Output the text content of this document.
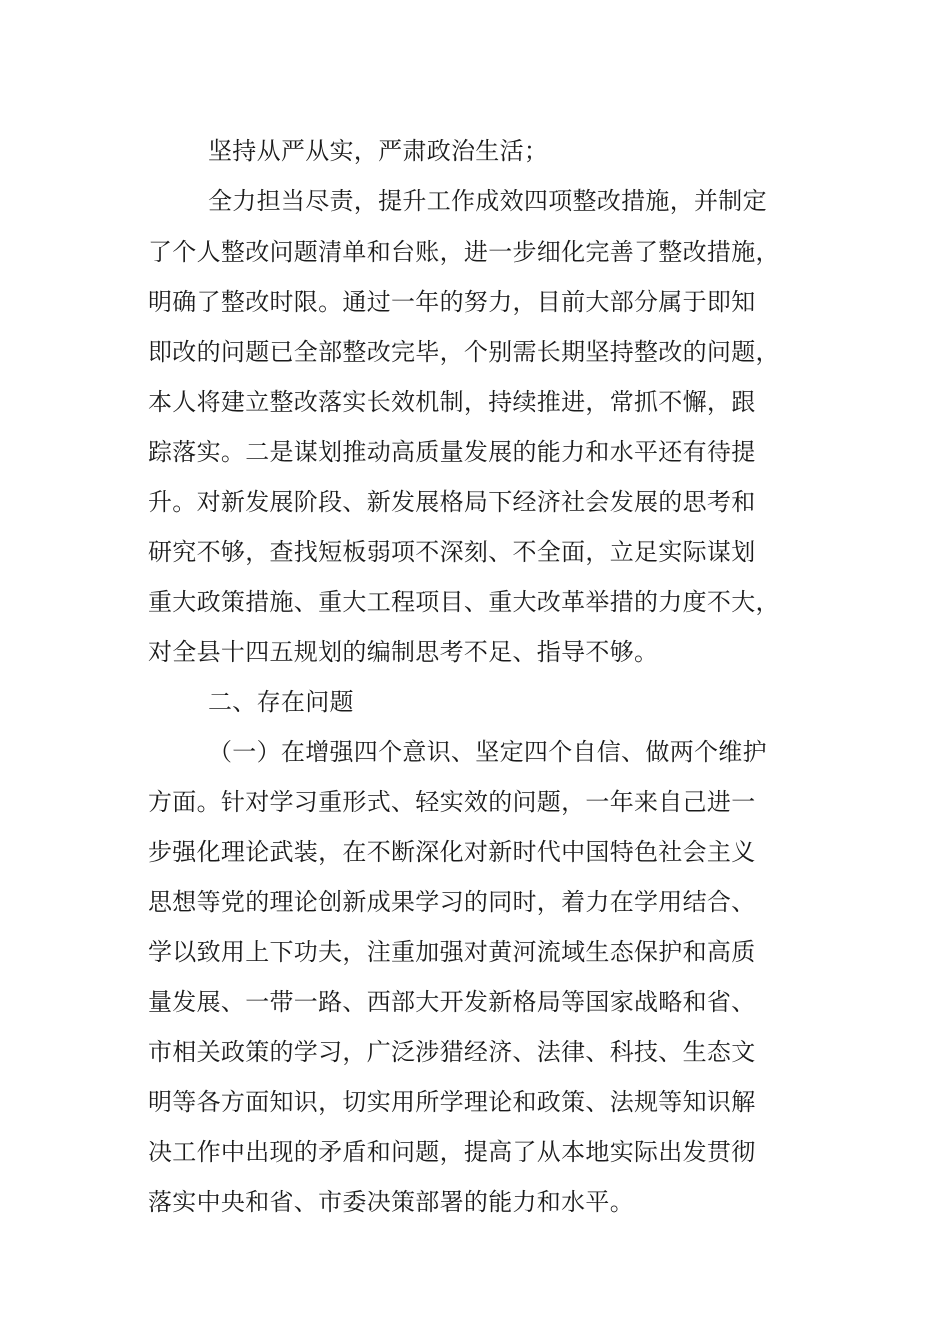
坚持从严从实，严肃政治生活；
全力担当尽责，提升工作成效四项整改措施，并制定
了个人整改问题清单和台账，进一步细化完善了整改措施，
明确了整改时限。通过一年的努力，目前大部分属于即知
即改的问题已全部整改完毕，个别需长期坚持整改的问题，
本人将建立整改落实长效机制，持续推进，常抓不懈，跟
踪落实。二是谋划推动高质量发展的能力和水平还有待提
升。对新发展阶段、新发展格局下经济社会发展的思考和
研究不够，查找短板弱项不深刻、不全面，立足实际谋划
重大政策措施、重大工程项目、重大改革举措的力度不大，
对全县十四五规划的编制思考不足、指导不够。
二、存在问题
（一）在增强四个意识、坚定四个自信、做两个维护
方面。针对学习重形式、轻实效的问题，一年来自己进一
步强化理论武装，在不断深化对新时代中国特色社会主义
思想等党的理论创新成果学习的同时，着力在学用结合、
学以致用上下功夫，注重加强对黄河流域生态保护和高质
量发展、一带一路、西部大开发新格局等国家战略和省、
市相关政策的学习，广泛涉猎经济、法律、科技、生态文
明等各方面知识，切实用所学理论和政策、法规等知识解
决工作中出现的矛盾和问题，提高了从本地实际出发贯彻
落实中央和省、市委决策部署的能力和水平。
